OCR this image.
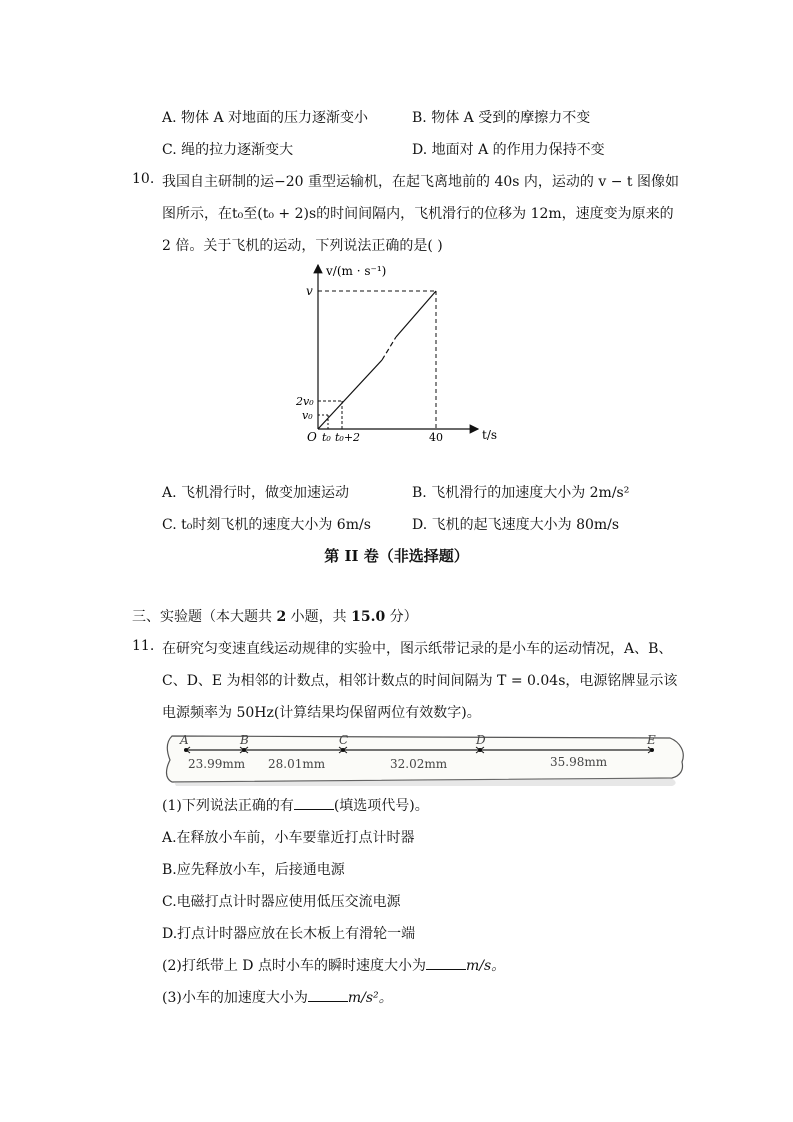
A. 物体 A 对地面的压力逐渐变小	B. 物体 A 受到的摩擦力不变
C. 绳的拉力逐渐变大	D. 地面对 A 的作用力保持不变
10. 我国自主研制的运−20 重型运输机，在起飞离地前的 40s 内，运动的 v − t 图像如
图所示，在t₀至(t₀ + 2)s的时间间隔内，飞机滑行的位移为 12m，速度变为原来的
2 倍。关于飞机的运动，下列说法正确的是( )
v/(m · s⁻¹)
t/s
v
2v₀
v₀
O t₀ t₀+2	40
A. 飞机滑行时，做变加速运动	B. 飞机滑行的加速度大小为 2m/s²
C. t₀时刻飞机的速度大小为 6m/s	D. 飞机的起飞速度大小为 80m/s
第 II 卷（非选择题）
三、实验题（本大题共 2 小题，共 15.0 分）
11. 在研究匀变速直线运动规律的实验中，图示纸带记录的是小车的运动情况，A、B、
C、D、E 为相邻的计数点，相邻计数点的时间间隔为 T = 0.04s，电源铭牌显示该
电源频率为 50Hz(计算结果均保留两位有效数字)。
A	B	C	D	E
23.99mm 28.01mm	32.02mm	35.98mm
(1)下列说法正确的有	(填选项代号)。
A.在释放小车前，小车要靠近打点计时器
B.应先释放小车，后接通电源
C.电磁打点计时器应使用低压交流电源
D.打点计时器应放在长木板上有滑轮一端
(2)打纸带上 D 点时小车的瞬时速度大小为	m/s。
(3)小车的加速度大小为	m/s²。
